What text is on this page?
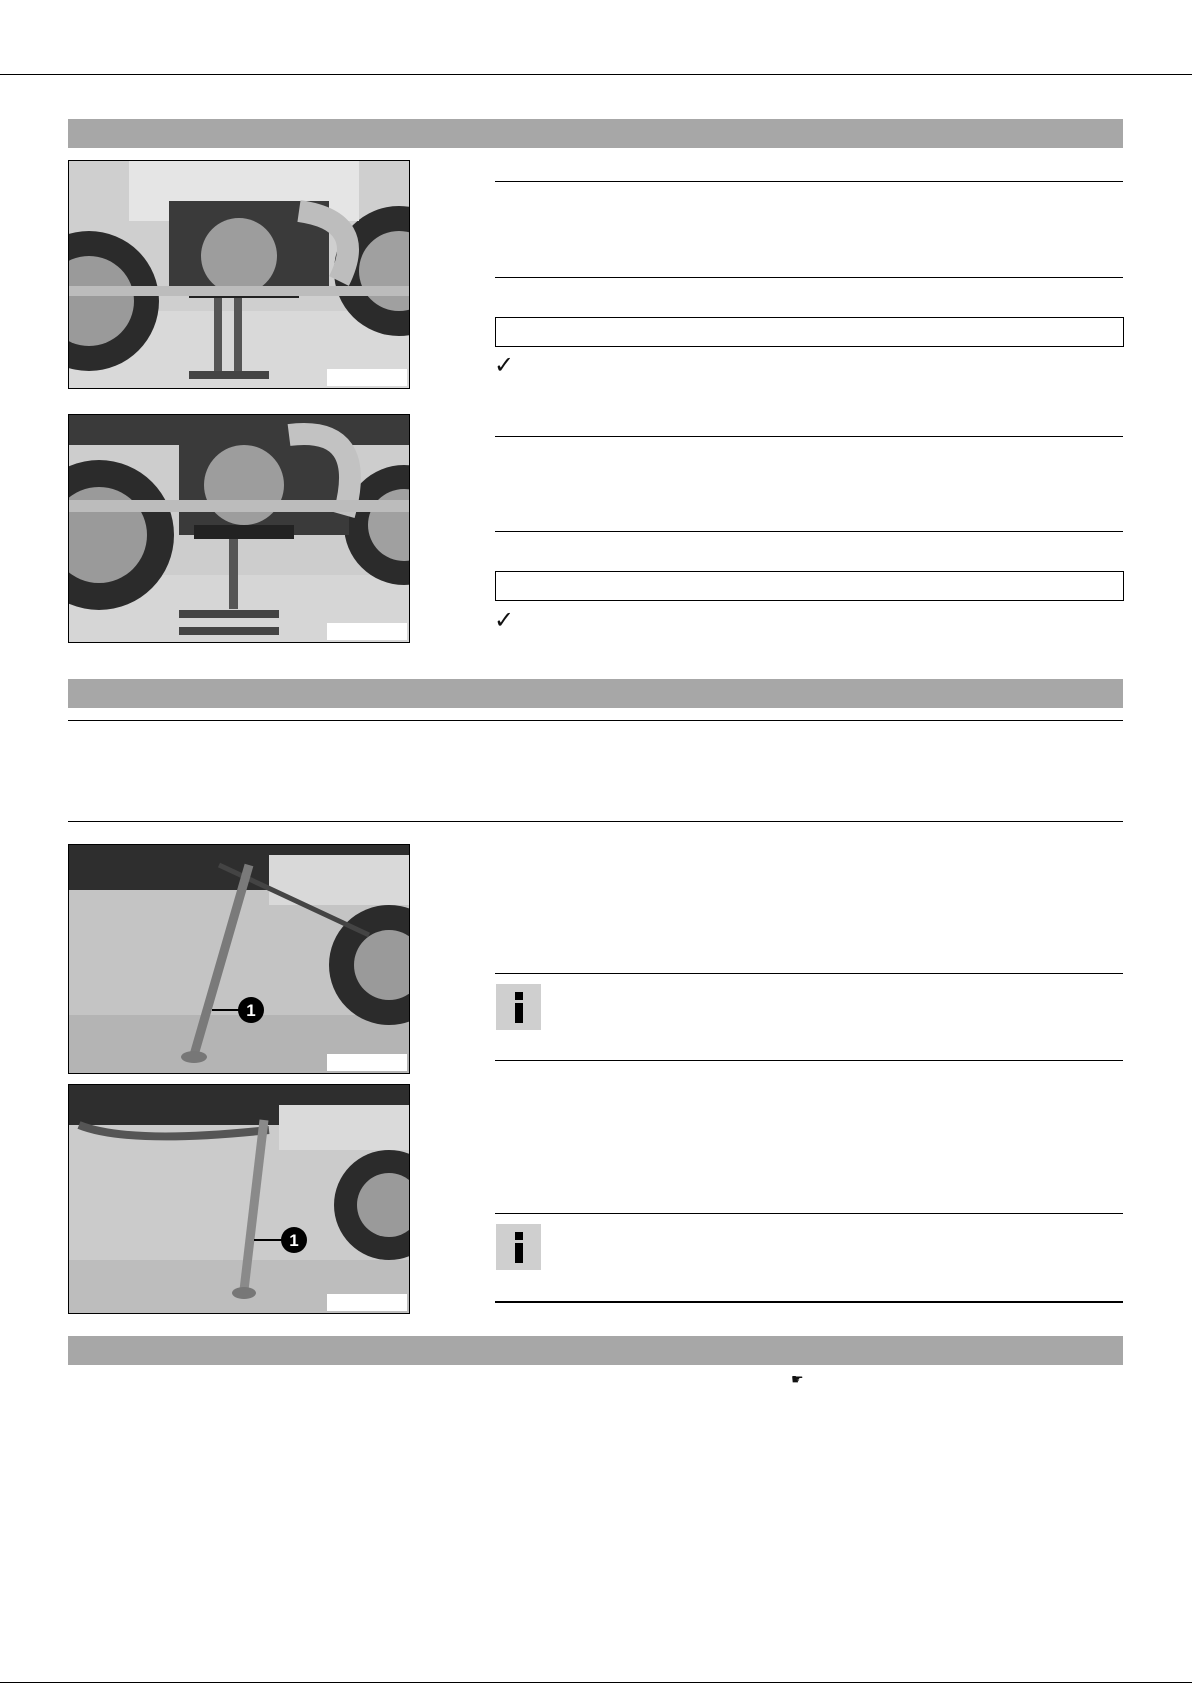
✓
✓
1
1
☛
